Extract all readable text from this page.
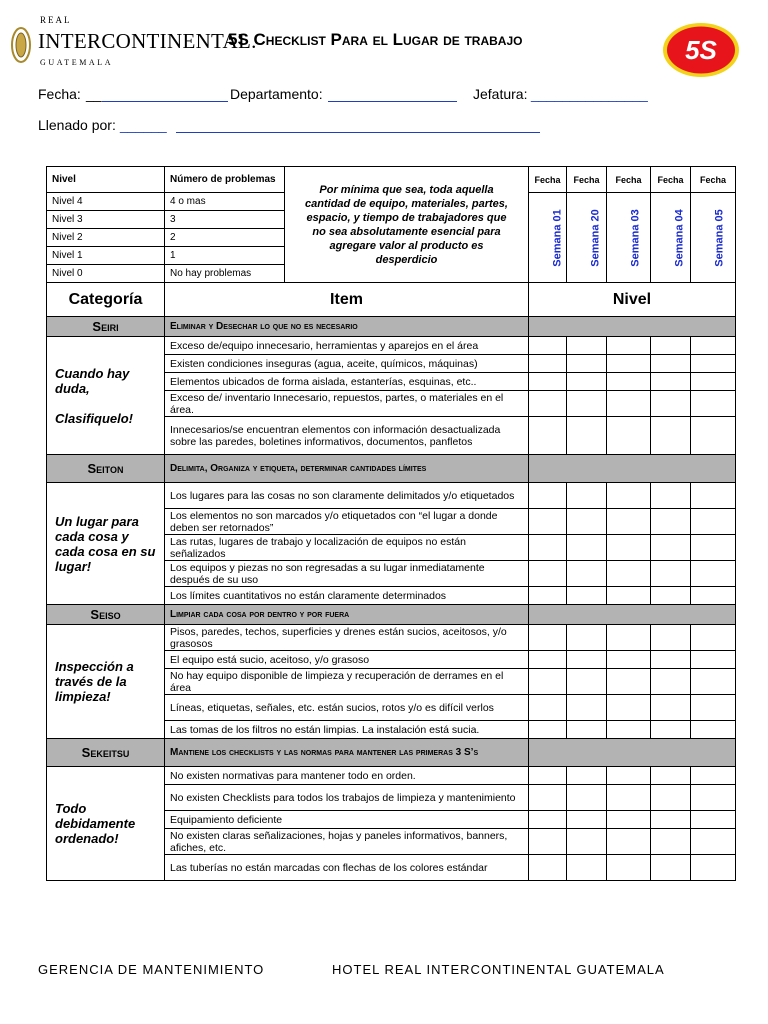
REAL
INTERCONTINENTAL.
GUATEMALA
5S Checklist Para el Lugar de trabajo	5S
Fecha: __	Departamento:	Jefatura: _______________
Llenado por: ______
Nivel	Número de problemas	Por mínima que sea, toda aquella cantidad de equipo, materiales, partes, espacio, y tiempo de trabajadores que no sea absolutamente esencial para agregare valor al producto es desperdicio	Fecha	Fecha	Fecha	Fecha	Fecha
Nivel 4	4 o mas		Semana 01	Semana 20	Semana 03	Semana 04	Semana 05
Nivel 3	3						
Nivel 2	2						
Nivel 1	1						
Nivel 0	No hay problemas						
Categoría	Item		Nivel				
Seiri	Eliminar y Desechar lo que no es necesario						
Cuando hay duda,

Clasifiquelo!	Exceso de/equipo innecesario, herramientas y aparejos en el área						
	Existen condiciones inseguras (agua, aceite, químicos, máquinas)						
	Elementos ubicados de forma aislada, estanterías, esquinas, etc..						
	Exceso de/ inventario Innecesario, repuestos, partes, o materiales en el área.						
	Innecesarios/se encuentran elementos con información desactualizada sobre las paredes, boletines informativos, documentos, panfletos						
Seiton	Delimita, Organiza y etiqueta, determinar cantidades límites						
Un lugar para cada cosa y cada cosa en su lugar!	Los lugares para las cosas no son claramente delimitados y/o etiquetados						
	Los elementos no son marcados y/o etiquetados con “el lugar a donde deben ser retornados”						
	Las rutas, lugares de trabajo y localización de equipos no están señalizados						
	Los equipos y piezas no son regresadas a su lugar inmediatamente después de su uso						
	Los límites cuantitativos no están claramente determinados						
Seiso	Limpiar cada cosa por dentro y por fuera						
Inspección a través de la limpieza!	Pisos, paredes, techos, superficies y drenes están sucios, aceitosos, y/o grasosos						
	El equipo está sucio, aceitoso, y/o grasoso						
	No hay equipo disponible de limpieza y recuperación de derrames en el área						
	Líneas, etiquetas, señales, etc. están sucios, rotos y/o es difícil verlos						
	Las tomas de los filtros no están limpias. La instalación está sucia.						
Sekeitsu	Mantiene los checklists y las normas para mantener las primeras 3 S’s						
Todo debidamente ordenado!	No existen normativas para mantener todo en orden.						
	No existen Checklists para todos los trabajos de limpieza y mantenimiento						
	Equipamiento deficiente						
	No existen claras señalizaciones, hojas y paneles informativos, banners, afiches, etc.						
	Las tuberías no están marcadas con flechas de los colores estándar						
GERENCIA DE MANTENIMIENTO	HOTEL REAL INTERCONTINENTAL GUATEMALA
